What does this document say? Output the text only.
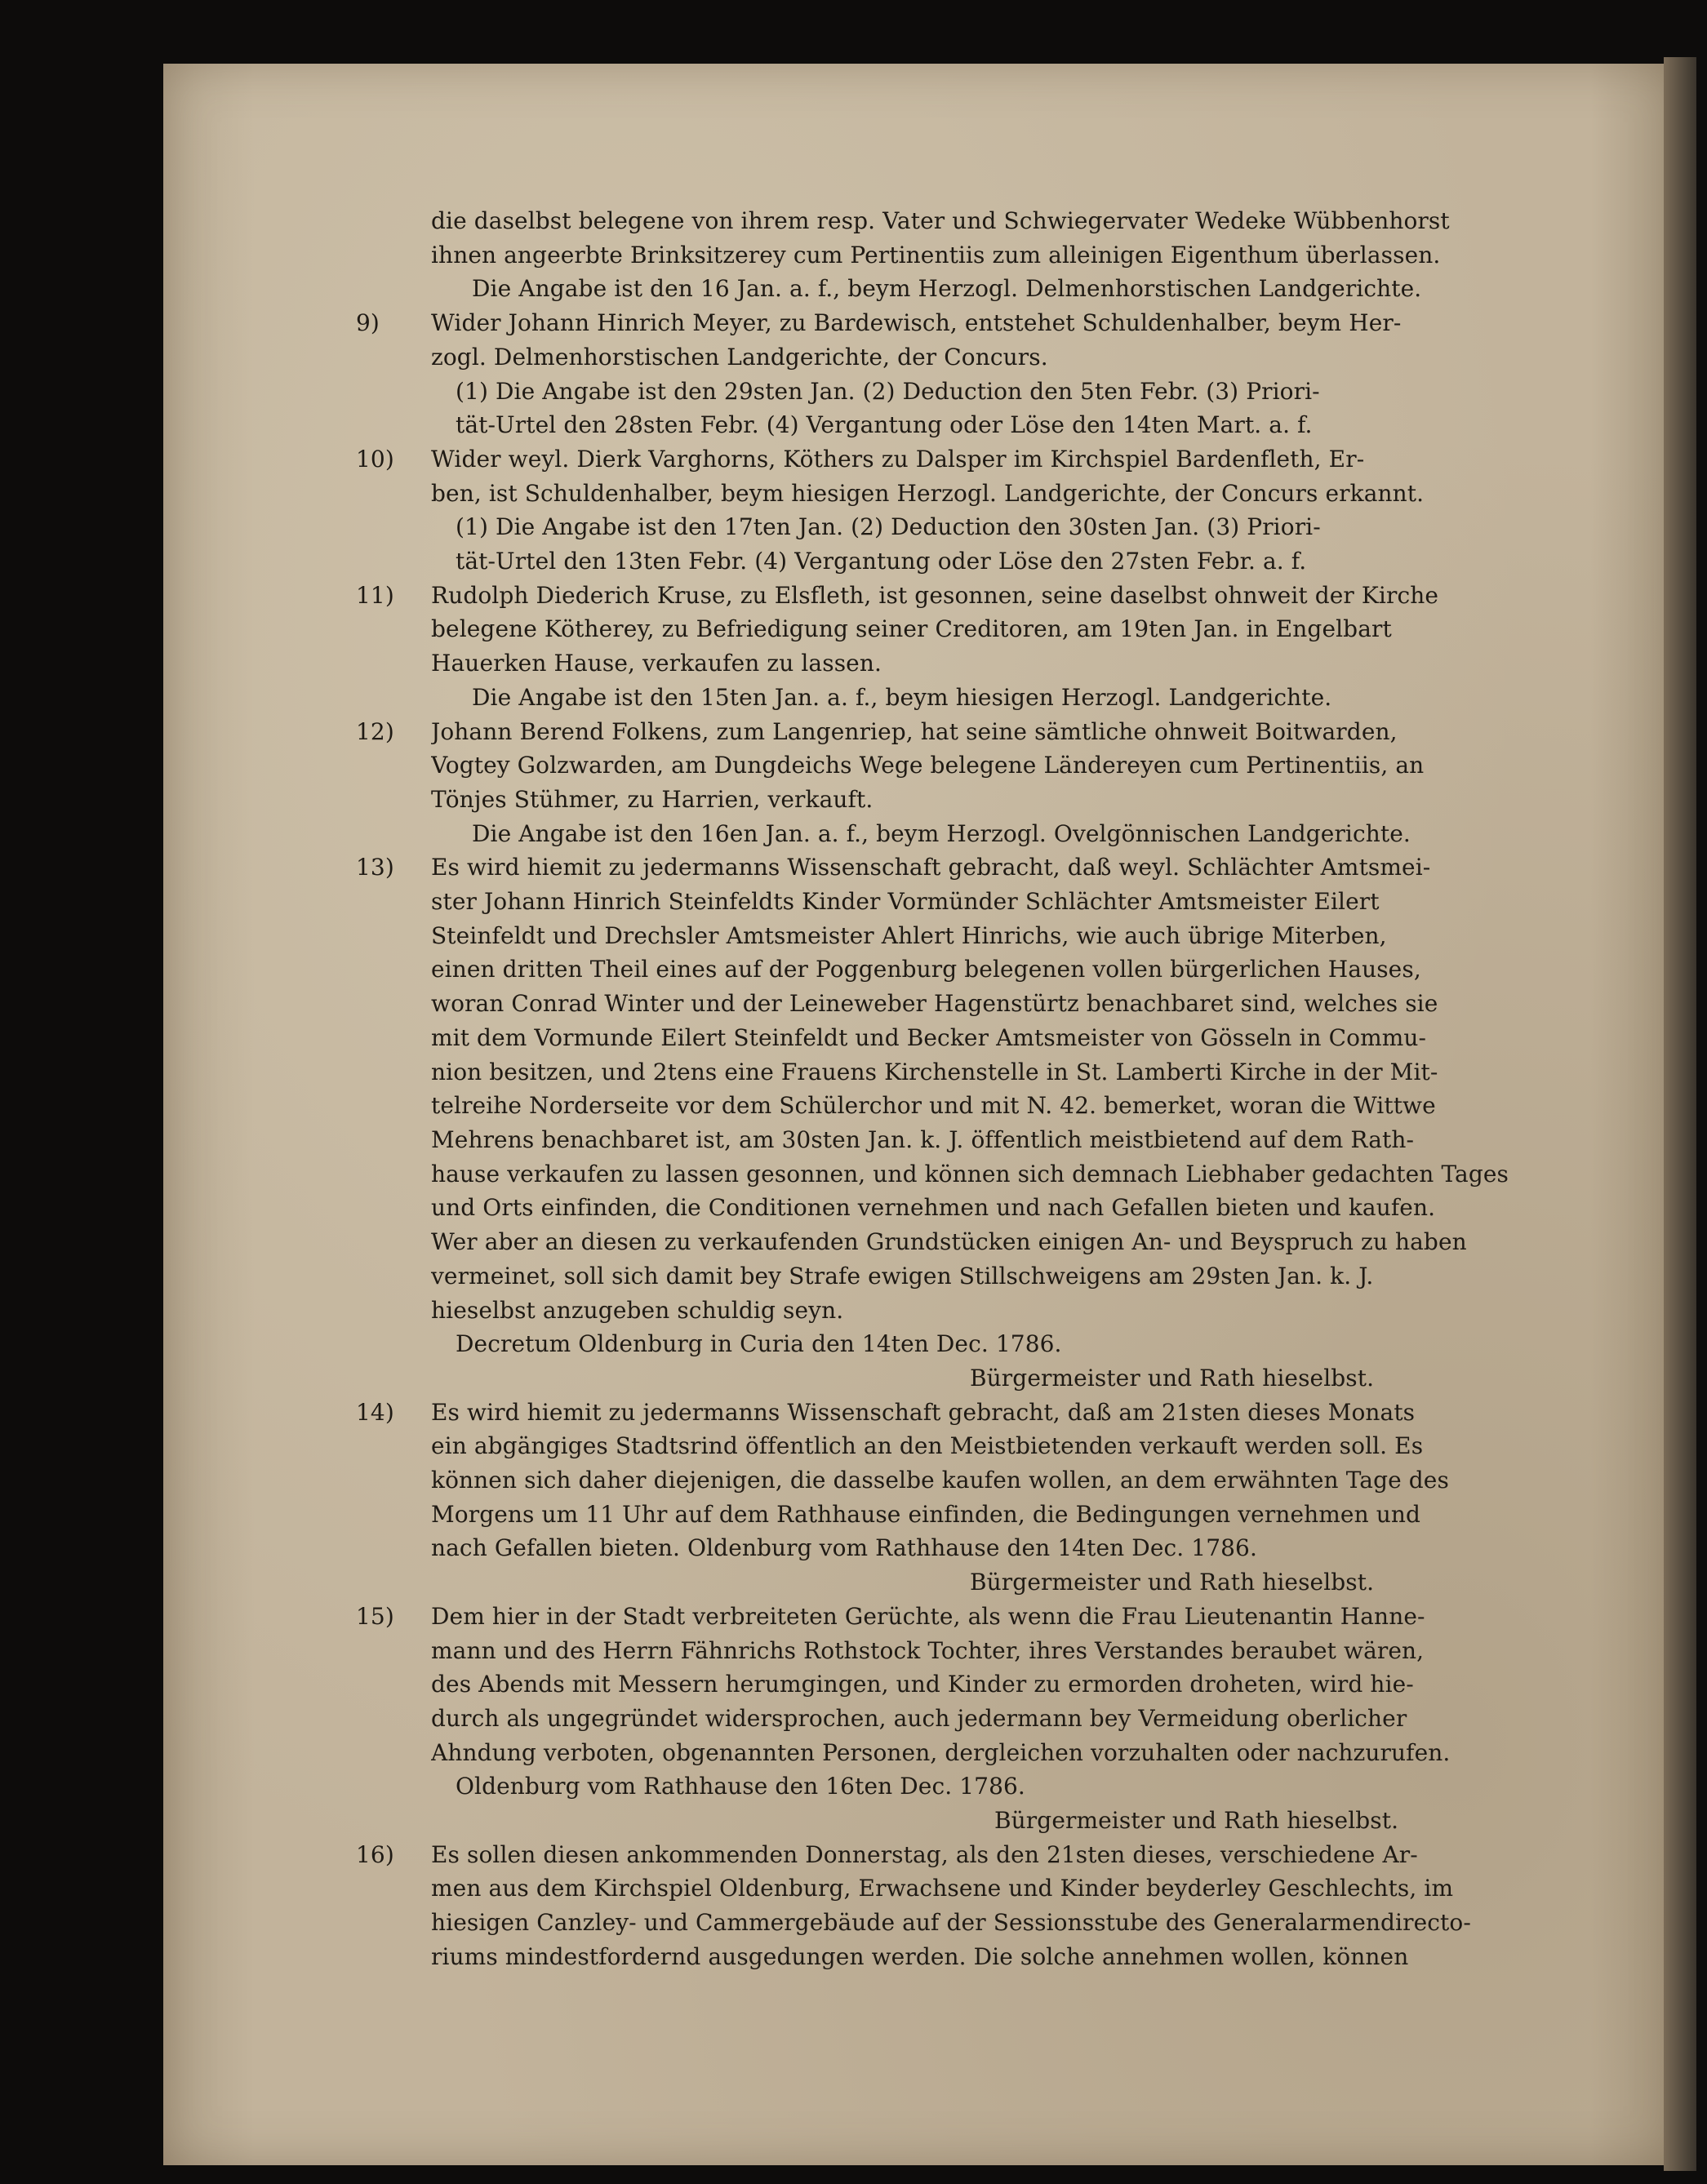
die daselbst belegene von ihrem resp. Vater und Schwiegervater Wedeke Wübbenhorst
ihnen angeerbte Brinksitzerey cum Pertinentiis zum alleinigen Eigenthum überlassen.
Die Angabe ist den 16 Jan. a. f., beym Herzogl. Delmenhorstischen Landgerichte.
9)	Wider Johann Hinrich Meyer, zu Bardewisch, entstehet Schuldenhalber, beym Her-
zogl. Delmenhorstischen Landgerichte, der Concurs.
(1) Die Angabe ist den 29sten Jan. (2) Deduction den 5ten Febr. (3) Priori-
tät-Urtel den 28sten Febr. (4) Vergantung oder Löse den 14ten Mart. a. f.
10)	Wider weyl. Dierk Varghorns, Köthers zu Dalsper im Kirchspiel Bardenfleth, Er-
ben, ist Schuldenhalber, beym hiesigen Herzogl. Landgerichte, der Concurs erkannt.
(1) Die Angabe ist den 17ten Jan. (2) Deduction den 30sten Jan. (3) Priori-
tät-Urtel den 13ten Febr. (4) Vergantung oder Löse den 27sten Febr. a. f.
11)	Rudolph Diederich Kruse, zu Elsfleth, ist gesonnen, seine daselbst ohnweit der Kirche
belegene Kötherey, zu Befriedigung seiner Creditoren, am 19ten Jan. in Engelbart
Hauerken Hause, verkaufen zu lassen.
Die Angabe ist den 15ten Jan. a. f., beym hiesigen Herzogl. Landgerichte.
12)	Johann Berend Folkens, zum Langenriep, hat seine sämtliche ohnweit Boitwarden,
Vogtey Golzwarden, am Dungdeichs Wege belegene Ländereyen cum Pertinentiis, an
Tönjes Stühmer, zu Harrien, verkauft.
Die Angabe ist den 16en Jan. a. f., beym Herzogl. Ovelgönnischen Landgerichte.
13)	Es wird hiemit zu jedermanns Wissenschaft gebracht, daß weyl. Schlächter Amtsmei-
ster Johann Hinrich Steinfeldts Kinder Vormünder Schlächter Amtsmeister Eilert
Steinfeldt und Drechsler Amtsmeister Ahlert Hinrichs, wie auch übrige Miterben,
einen dritten Theil eines auf der Poggenburg belegenen vollen bürgerlichen Hauses,
woran Conrad Winter und der Leineweber Hagenstürtz benachbaret sind, welches sie
mit dem Vormunde Eilert Steinfeldt und Becker Amtsmeister von Gösseln in Commu-
nion besitzen, und 2tens eine Frauens Kirchenstelle in St. Lamberti Kirche in der Mit-
telreihe Norderseite vor dem Schülerchor und mit N. 42. bemerket, woran die Wittwe
Mehrens benachbaret ist, am 30sten Jan. k. J. öffentlich meistbietend auf dem Rath-
hause verkaufen zu lassen gesonnen, und können sich demnach Liebhaber gedachten Tages
und Orts einfinden, die Conditionen vernehmen und nach Gefallen bieten und kaufen.
Wer aber an diesen zu verkaufenden Grundstücken einigen An- und Beyspruch zu haben
vermeinet, soll sich damit bey Strafe ewigen Stillschweigens am 29sten Jan. k. J.
hieselbst anzugeben schuldig seyn.
Decretum Oldenburg in Curia den 14ten Dec. 1786.
Bürgermeister und Rath hieselbst.
14)	Es wird hiemit zu jedermanns Wissenschaft gebracht, daß am 21sten dieses Monats
ein abgängiges Stadtsrind öffentlich an den Meistbietenden verkauft werden soll. Es
können sich daher diejenigen, die dasselbe kaufen wollen, an dem erwähnten Tage des
Morgens um 11 Uhr auf dem Rathhause einfinden, die Bedingungen vernehmen und
nach Gefallen bieten. Oldenburg vom Rathhause den 14ten Dec. 1786.
Bürgermeister und Rath hieselbst.
15)	Dem hier in der Stadt verbreiteten Gerüchte, als wenn die Frau Lieutenantin Hanne-
mann und des Herrn Fähnrichs Rothstock Tochter, ihres Verstandes beraubet wären,
des Abends mit Messern herumgingen, und Kinder zu ermorden droheten, wird hie-
durch als ungegründet widersprochen, auch jedermann bey Vermeidung oberlicher
Ahndung verboten, obgenannten Personen, dergleichen vorzuhalten oder nachzurufen.
Oldenburg vom Rathhause den 16ten Dec. 1786.
Bürgermeister und Rath hieselbst.
16)	Es sollen diesen ankommenden Donnerstag, als den 21sten dieses, verschiedene Ar-
men aus dem Kirchspiel Oldenburg, Erwachsene und Kinder beyderley Geschlechts, im
hiesigen Canzley- und Cammergebäude auf der Sessionsstube des Generalarmendirecto-
riums mindestfordernd ausgedungen werden. Die solche annehmen wollen, können
